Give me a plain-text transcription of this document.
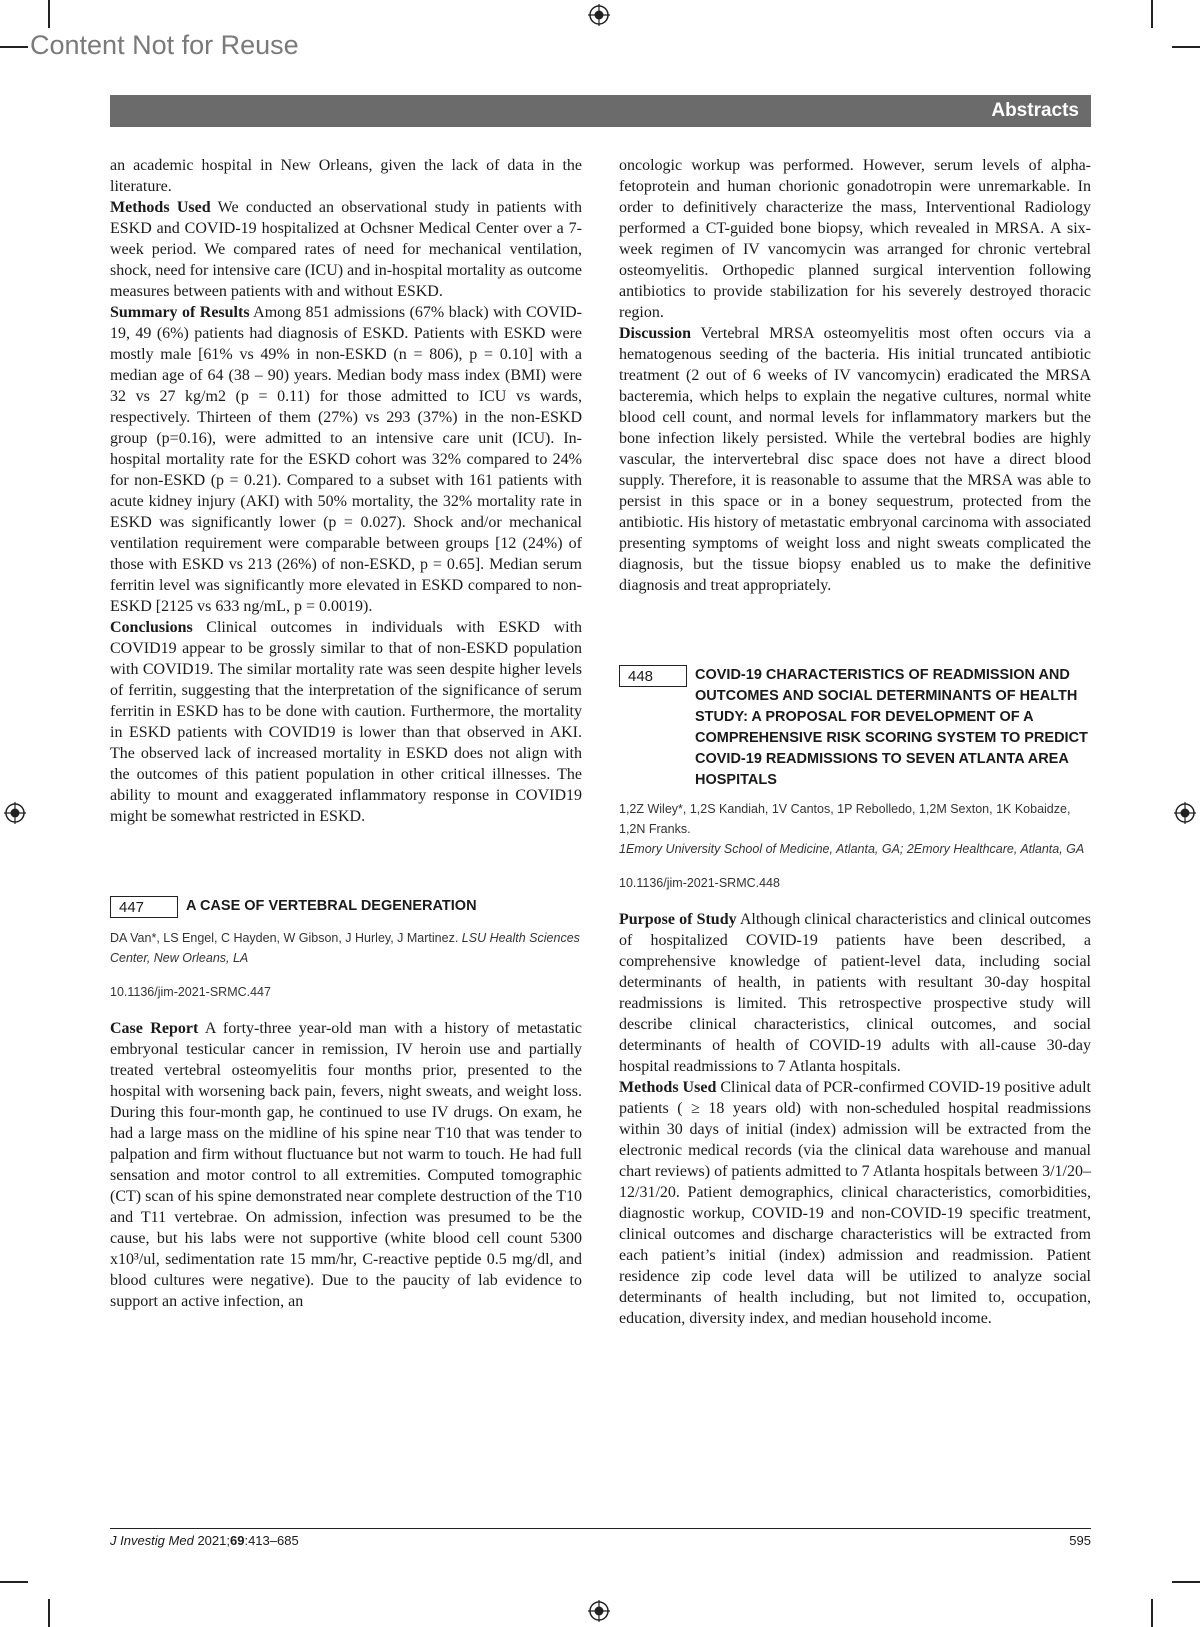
Content Not for Reuse
Abstracts

an academic hospital in New Orleans, given the lack of data in the literature.

Methods Used We conducted an observational study in patients with ESKD and COVID-19 hospitalized at Ochsner Medical Center over a 7-week period. We compared rates of need for mechanical ventilation, shock, need for intensive care (ICU) and in-hospital mortality as outcome measures between patients with and without ESKD.

Summary of Results Among 851 admissions (67% black) with COVID-19, 49 (6%) patients had diagnosis of ESKD. Patients with ESKD were mostly male [61% vs 49% in non-ESKD (n = 806), p = 0.10] with a median age of 64 (38 – 90) years. Median body mass index (BMI) were 32 vs 27 kg/m2 (p = 0.11) for those admitted to ICU vs wards, respectively. Thirteen of them (27%) vs 293 (37%) in the non-ESKD group (p=0.16), were admitted to an intensive care unit (ICU). In-hospital mortality rate for the ESKD cohort was 32% compared to 24% for non-ESKD (p = 0.21). Compared to a subset with 161 patients with acute kidney injury (AKI) with 50% mortality, the 32% mortality rate in ESKD was significantly lower (p = 0.027). Shock and/or mechanical ventilation requirement were comparable between groups [12 (24%) of those with ESKD vs 213 (26%) of non-ESKD, p = 0.65]. Median serum ferritin level was significantly more elevated in ESKD compared to non-ESKD [2125 vs 633 ng/mL, p = 0.0019).

Conclusions Clinical outcomes in individuals with ESKD with COVID19 appear to be grossly similar to that of non-ESKD population with COVID19. The similar mortality rate was seen despite higher levels of ferritin, suggesting that the interpretation of the significance of serum ferritin in ESKD has to be done with caution. Furthermore, the mortality in ESKD patients with COVID19 is lower than that observed in AKI. The observed lack of increased mortality in ESKD does not align with the outcomes of this patient population in other critical illnesses. The ability to mount and exaggerated inflammatory response in COVID19 might be somewhat restricted in ESKD.

447	A CASE OF VERTEBRAL DEGENERATION
DA Van*, LS Engel, C Hayden, W Gibson, J Hurley, J Martinez. LSU Health Sciences Center, New Orleans, LA
10.1136/jim-2021-SRMC.447

Case Report A forty-three year-old man with a history of metastatic embryonal testicular cancer in remission, IV heroin use and partially treated vertebral osteomyelitis four months prior, presented to the hospital with worsening back pain, fevers, night sweats, and weight loss. During this four-month gap, he continued to use IV drugs. On exam, he had a large mass on the midline of his spine near T10 that was tender to palpation and firm without fluctuance but not warm to touch. He had full sensation and motor control to all extremities. Computed tomographic (CT) scan of his spine demonstrated near complete destruction of the T10 and T11 vertebrae. On admission, infection was presumed to be the cause, but his labs were not supportive (white blood cell count 5300 x10³/ul, sedimentation rate 15 mm/hr, C-reactive peptide 0.5 mg/dl, and blood cultures were negative). Due to the paucity of lab evidence to support an active infection, an

oncologic workup was performed. However, serum levels of alpha-fetoprotein and human chorionic gonadotropin were unremarkable. In order to definitively characterize the mass, Interventional Radiology performed a CT-guided bone biopsy, which revealed in MRSA. A six-week regimen of IV vancomycin was arranged for chronic vertebral osteomyelitis. Orthopedic planned surgical intervention following antibiotics to provide stabilization for his severely destroyed thoracic region.

Discussion Vertebral MRSA osteomyelitis most often occurs via a hematogenous seeding of the bacteria. His initial truncated antibiotic treatment (2 out of 6 weeks of IV vancomycin) eradicated the MRSA bacteremia, which helps to explain the negative cultures, normal white blood cell count, and normal levels for inflammatory markers but the bone infection likely persisted. While the vertebral bodies are highly vascular, the intervertebral disc space does not have a direct blood supply. Therefore, it is reasonable to assume that the MRSA was able to persist in this space or in a boney sequestrum, protected from the antibiotic. His history of metastatic embryonal carcinoma with associated presenting symptoms of weight loss and night sweats complicated the diagnosis, but the tissue biopsy enabled us to make the definitive diagnosis and treat appropriately.

448	COVID-19 CHARACTERISTICS OF READMISSION AND OUTCOMES AND SOCIAL DETERMINANTS OF HEALTH STUDY: A PROPOSAL FOR DEVELOPMENT OF A COMPREHENSIVE RISK SCORING SYSTEM TO PREDICT COVID-19 READMISSIONS TO SEVEN ATLANTA AREA HOSPITALS
1,2Z Wiley*, 1,2S Kandiah, 1V Cantos, 1P Rebolledo, 1,2M Sexton, 1K Kobaidze, 1,2N Franks.
1Emory University School of Medicine, Atlanta, GA; 2Emory Healthcare, Atlanta, GA
10.1136/jim-2021-SRMC.448

Purpose of Study Although clinical characteristics and clinical outcomes of hospitalized COVID-19 patients have been described, a comprehensive knowledge of patient-level data, including social determinants of health, in patients with resultant 30-day hospital readmissions is limited. This retrospective prospective study will describe clinical characteristics, clinical outcomes, and social determinants of health of COVID-19 adults with all-cause 30-day hospital readmissions to 7 Atlanta hospitals.

Methods Used Clinical data of PCR-confirmed COVID-19 positive adult patients ( ≥ 18 years old) with non-scheduled hospital readmissions within 30 days of initial (index) admission will be extracted from the electronic medical records (via the clinical data warehouse and manual chart reviews) of patients admitted to 7 Atlanta hospitals between 3/1/20–12/31/20. Patient demographics, clinical characteristics, comorbidities, diagnostic workup, COVID-19 and non-COVID-19 specific treatment, clinical outcomes and discharge characteristics will be extracted from each patient’s initial (index) admission and readmission. Patient residence zip code level data will be utilized to analyze social determinants of health including, but not limited to, occupation, education, diversity index, and median household income.

J Investig Med 2021;69:413–685	595
